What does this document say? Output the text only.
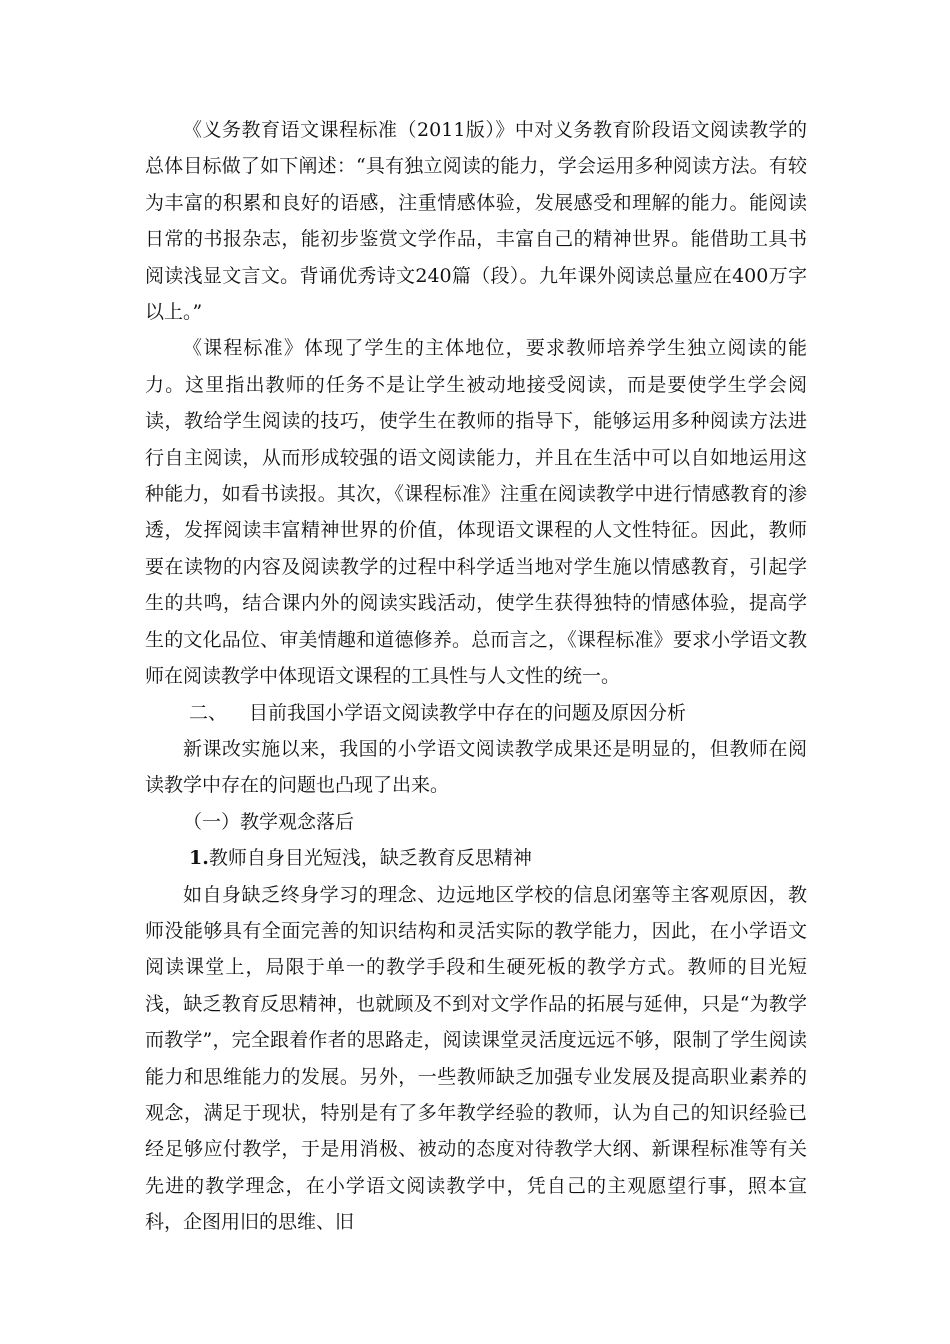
《义务教育语文课程标准（2011版）》中对义务教育阶段语文阅读教学的总体目标做了如下阐述：“具有独立阅读的能力，学会运用多种阅读方法。有较为丰富的积累和良好的语感，注重情感体验，发展感受和理解的能力。能阅读日常的书报杂志，能初步鉴赏文学作品，丰富自己的精神世界。能借助工具书阅读浅显文言文。背诵优秀诗文240篇（段）。九年课外阅读总量应在400万字以上。”

《课程标准》体现了学生的主体地位，要求教师培养学生独立阅读的能力。这里指出教师的任务不是让学生被动地接受阅读，而是要使学生学会阅读，教给学生阅读的技巧，使学生在教师的指导下，能够运用多种阅读方法进行自主阅读，从而形成较强的语文阅读能力，并且在生活中可以自如地运用这种能力，如看书读报。其次，《课程标准》注重在阅读教学中进行情感教育的渗透，发挥阅读丰富精神世界的价值，体现语文课程的人文性特征。因此，教师要在读物的内容及阅读教学的过程中科学适当地对学生施以情感教育，引起学生的共鸣，结合课内外的阅读实践活动，使学生获得独特的情感体验，提高学生的文化品位、审美情趣和道德修养。总而言之，《课程标准》要求小学语文教师在阅读教学中体现语文课程的工具性与人文性的统一。

二、 目前我国小学语文阅读教学中存在的问题及原因分析

新课改实施以来，我国的小学语文阅读教学成果还是明显的，但教师在阅读教学中存在的问题也凸现了出来。

（一）教学观念落后
1.教师自身目光短浅，缺乏教育反思精神

如自身缺乏终身学习的理念、边远地区学校的信息闭塞等主客观原因，教师没能够具有全面完善的知识结构和灵活实际的教学能力，因此，在小学语文阅读课堂上，局限于单一的教学手段和生硬死板的教学方式。教师的目光短浅，缺乏教育反思精神，也就顾及不到对文学作品的拓展与延伸，只是“为教学而教学”，完全跟着作者的思路走，阅读课堂灵活度远远不够，限制了学生阅读能力和思维能力的发展。另外，一些教师缺乏加强专业发展及提高职业素养的观念，满足于现状，特别是有了多年教学经验的教师，认为自己的知识经验已经足够应付教学，于是用消极、被动的态度对待教学大纲、新课程标准等有关先进的教学理念，在小学语文阅读教学中，凭自己的主观愿望行事，照本宣科，企图用旧的思维、旧
